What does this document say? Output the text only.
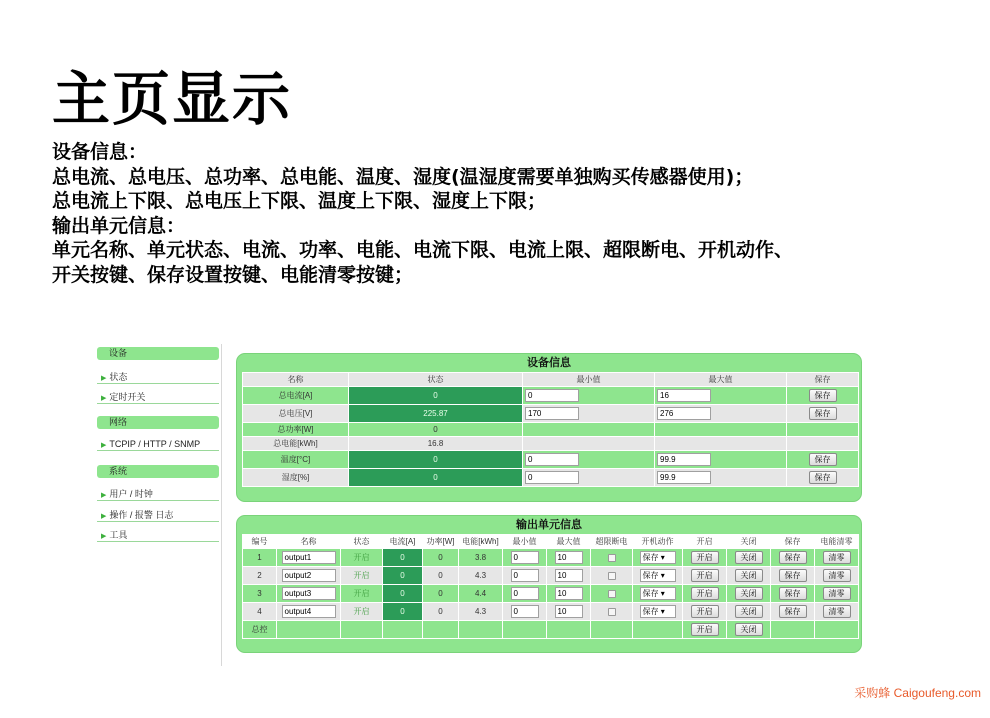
主页显示
设备信息：
总电流、总电压、总功率、总电能、温度、湿度(温湿度需要单独购买传感器使用)；
总电流上下限、总电压上下限、温度上下限、湿度上下限；
输出单元信息：
单元名称、单元状态、电流、功率、电能、电流下限、电流上限、超限断电、开机动作、
开关按键、保存设置按键、电能清零按键；
设备
▶ 状态
▶ 定时开关
网络
▶ TCPIP / HTTP / SNMP
系统
▶ 用户 / 时钟
▶ 操作 / 报警 日志
▶ 工具
设备信息
名称	状态	最小值	最大值	保存
总电流[A]	0	0	16	保存
总电压[V]	225.87	170	276	保存
总功率[W]	0			
总电能[kWh]	16.8			
温度[°C]	0	0	99.9	保存
湿度[%]	0	0	99.9	保存
输出单元信息
编号	名称	状态	电流[A]	功率[W]	电能[kWh]	最小值	最大值	超限断电	开机动作	开启	关闭	保存	电能清零
1	output1	开启	0	0	3.8	0	10		保存 ▾	开启	关闭	保存	清零
2	output2	开启	0	0	4.3	0	10		保存 ▾	开启	关闭	保存	清零
3	output3	开启	0	0	4.4	0	10		保存 ▾	开启	关闭	保存	清零
4	output4	开启	0	0	4.3	0	10		保存 ▾	开启	关闭	保存	清零
总控										开启	关闭		
采购蜂 Caigoufeng.com
